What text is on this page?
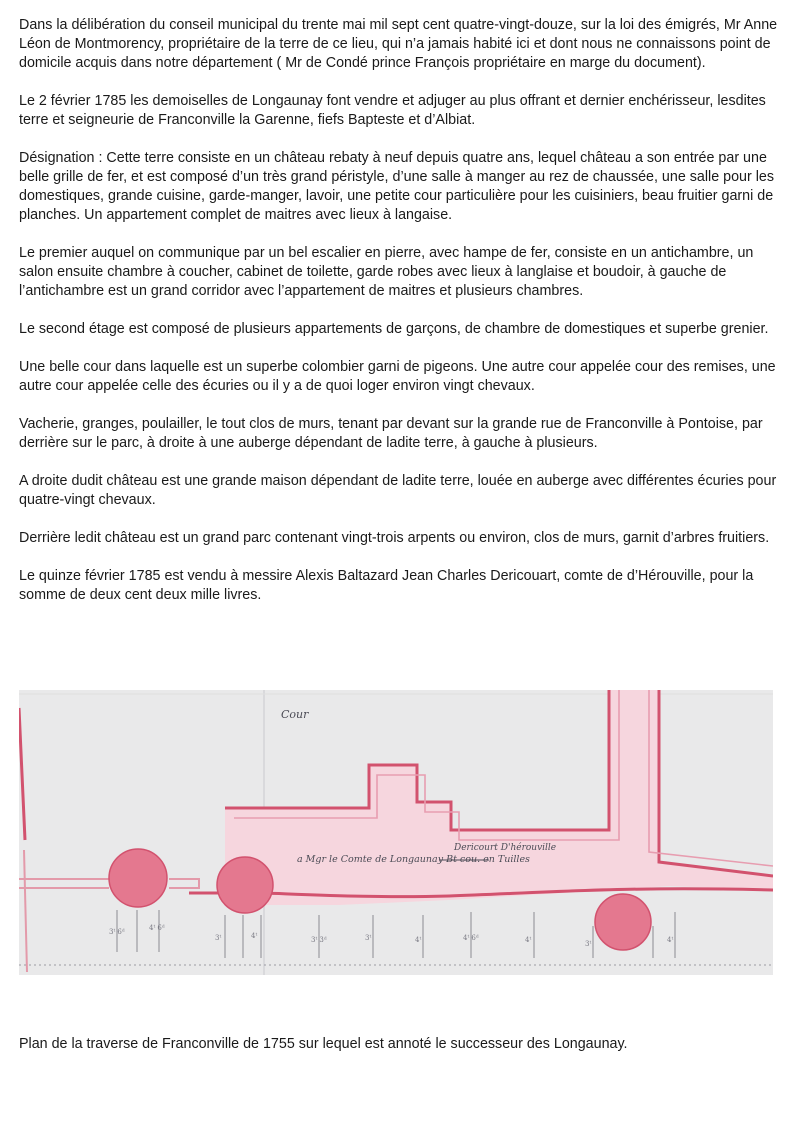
Dans la délibération du conseil municipal du trente mai mil sept cent quatre-vingt-douze, sur la loi des émigrés, Mr Anne Léon de Montmorency, propriétaire de la terre de ce lieu, qui n’a jamais habité ici et dont nous ne connaissons point de domicile acquis dans notre département ( Mr de Condé prince François propriétaire en marge du document).

Le 2 février 1785 les demoiselles de Longaunay font vendre et adjuger au plus offrant et dernier enchérisseur, lesdites terre et seigneurie de Franconville la Garenne, fiefs Bapteste et d’Albiat.

Désignation : Cette terre consiste en un château rebaty à neuf depuis quatre ans, lequel château a son entrée par une belle grille de fer, et est composé d’un très grand péristyle, d’une salle à manger au rez de chaussée, une salle pour les domestiques, grande cuisine, garde-manger, lavoir, une petite cour particulière pour les cuisiniers, beau fruitier garni de planches. Un appartement complet de maitres avec lieux à langaise.

Le premier auquel on communique par un bel escalier en pierre, avec hampe de fer, consiste en un antichambre, un salon ensuite chambre à coucher, cabinet de toilette, garde robes avec lieux à langlaise et boudoir, à gauche de l’antichambre est un grand corridor avec l’appartement de maitres et plusieurs chambres.

Le second étage est composé de plusieurs appartements de garçons, de chambre de domestiques et superbe grenier.

Une belle cour dans laquelle est un superbe colombier garni de pigeons. Une autre cour appelée cour des remises, une autre cour appelée celle des écuries ou il y a de quoi loger environ vingt chevaux.

Vacherie, granges, poulailler, le tout clos de murs, tenant par devant sur la grande rue de Franconville à Pontoise, par derrière sur le parc, à droite à une auberge dépendant de ladite terre, à gauche à plusieurs.

A droite dudit château est une grande maison dépendant de ladite terre, louée en auberge avec différentes écuries pour quatre-vingt chevaux.

Derrière ledit château est un grand parc contenant vingt-trois arpents ou environ, clos de murs, garnit d’arbres fruitiers.

Le quinze février 1785 est vendu à messire Alexis Baltazard Jean Charles Dericouart, comte de d’Hérouville, pour la somme de deux cent deux mille livres.

3ᵗ 6ᵈ	4ᵗ 6ᵈ
3ᵗ	4ᵗ	3ᵗ 3ᵈ	3ᵗ	4ᵗ	4ᵗ 6ᵈ	4ᵗ	3ᵗ	4ᵗ
Cour
a Mgr le Comte de Longaunay Bt cou. en Tuilles
Dericourt D'hérouville

Plan de la traverse de Franconville de 1755 sur lequel est annoté le successeur des Longaunay.
